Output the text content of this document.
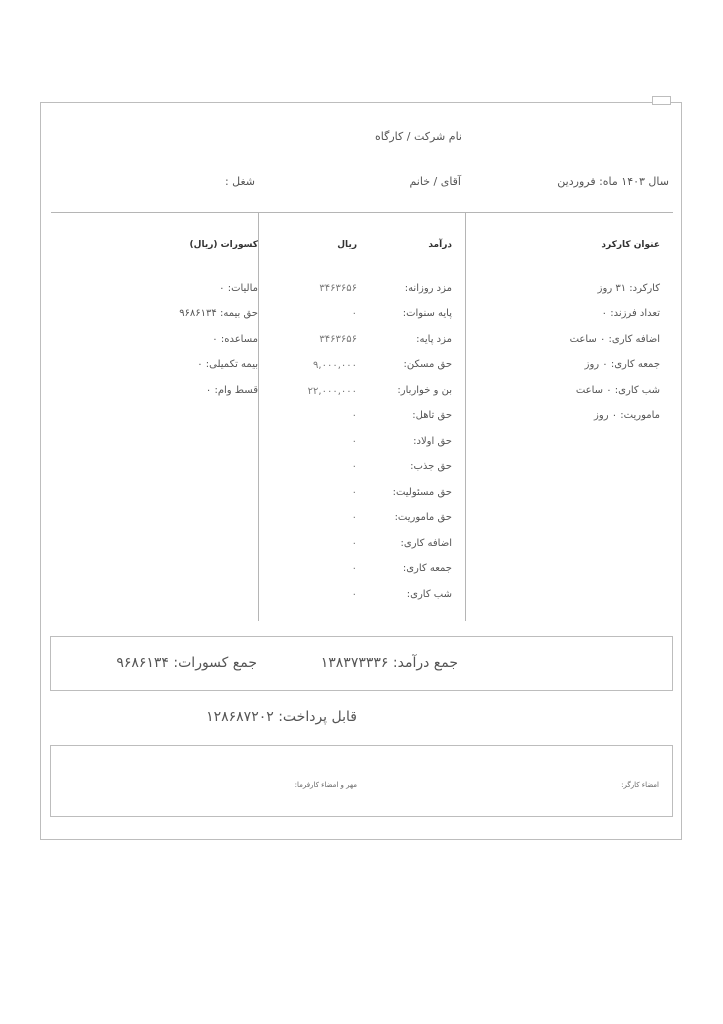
نام شرکت / کارگاه
سال ۱۴۰۳ ماه: فروردین
آقای / خانم
شغل :
عنوان کارکرد
درآمد
ریال
کسورات (ریال)
کارکرد: ۳۱ روز
تعداد فرزند: ۰
اضافه کاری: ۰ ساعت
جمعه کاری: ۰ روز
شب کاری: ۰ ساعت
ماموریت: ۰ روز
مزد روزانه:
۳۴۶۳۶۵۶
پایه سنوات:
۰
مزد پایه:
۳۴۶۳۶۵۶
حق مسکن:
۹,۰۰۰,۰۰۰
بن و خواربار:
۲۲,۰۰۰,۰۰۰
حق تاهل:
۰
حق اولاد:
۰
حق جذب:
۰
حق مسئولیت:
۰
حق ماموریت:
۰
اضافه کاری:
۰
جمعه کاری:
۰
شب کاری:
۰
مالیات: ۰
حق بیمه: ۹۶۸۶۱۳۴
مساعده: ۰
بیمه تکمیلی: ۰
قسط وام: ۰
جمع درآمد: ۱۳۸۳۷۳۳۳۶
جمع کسورات: ۹۶۸۶۱۳۴
قابل پرداخت: ۱۲۸۶۸۷۲۰۲
امضاء کارگر:
مهر و امضاء کارفرما:
